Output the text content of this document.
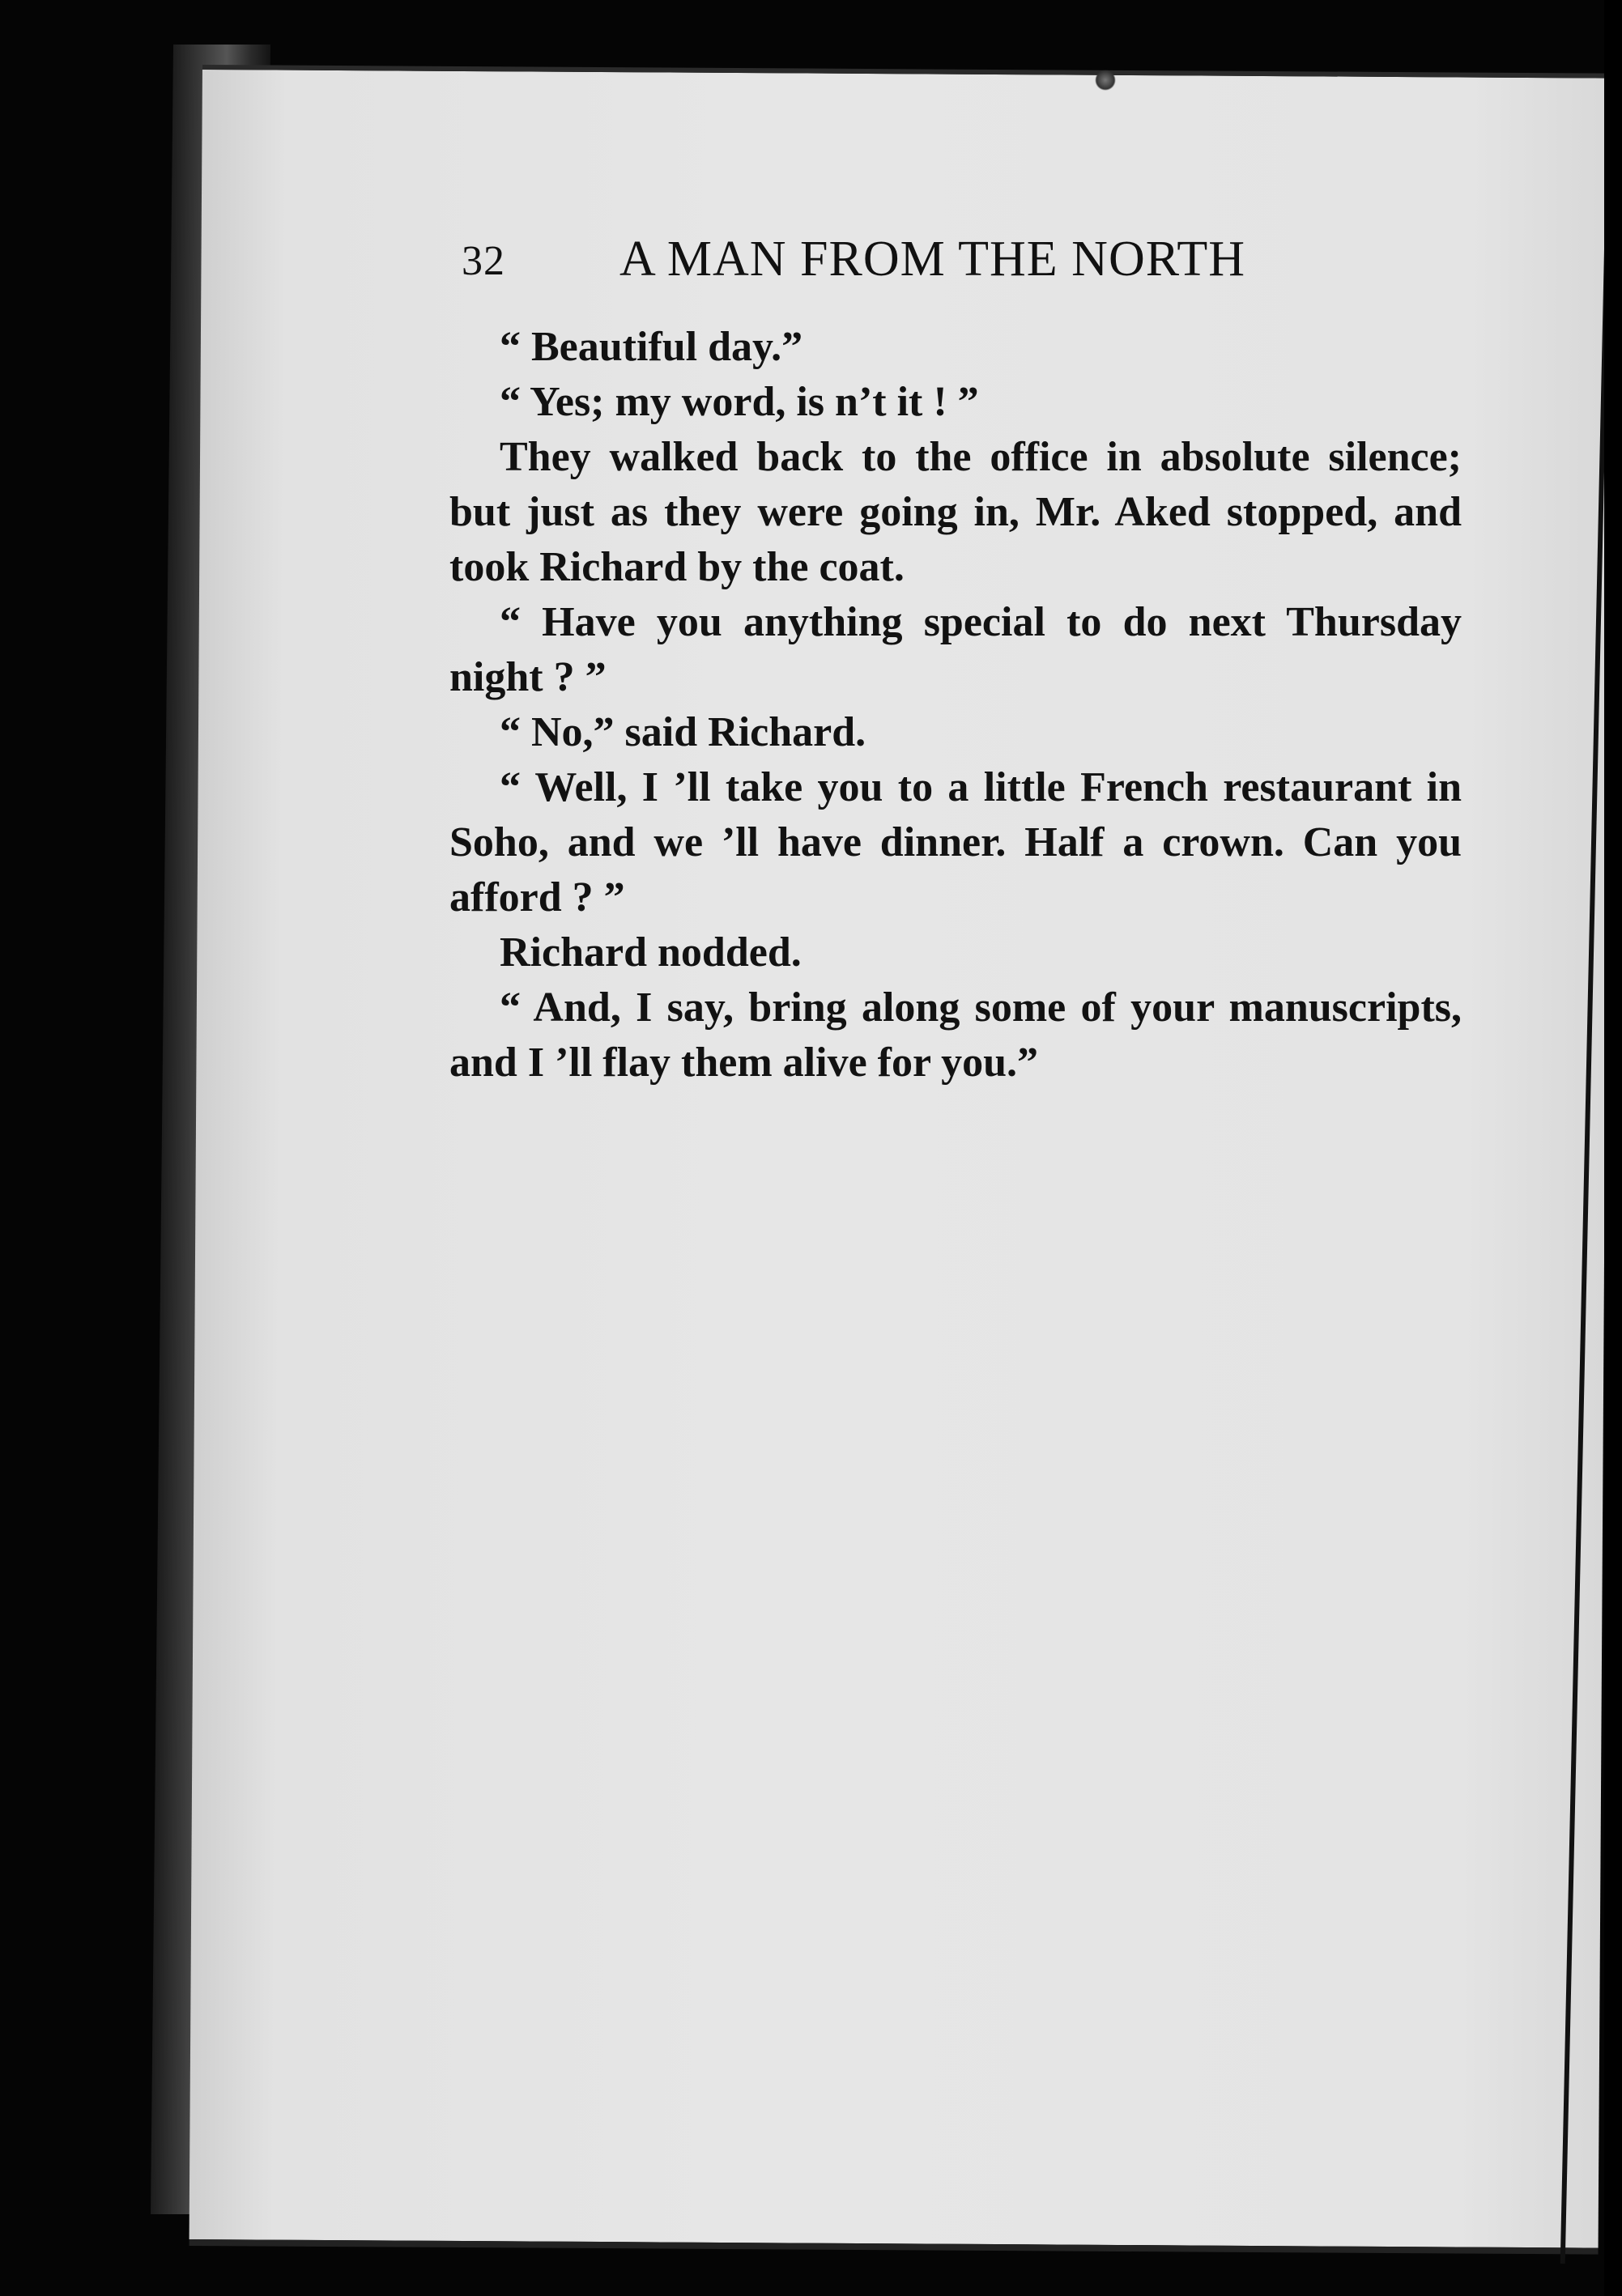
32 A MAN FROM THE NORTH

“ Beautiful day.”

“ Yes; my word, is n’t it ! ”

They walked back to the office in absolute silence; but just as they were going in, Mr. Aked stopped, and took Richard by the coat.

“ Have you anything special to do next Thursday night ? ”

“ No,” said Richard.

“ Well, I ’ll take you to a little French restaurant in Soho, and we ’ll have dinner. Half a crown. Can you afford ? ”

Richard nodded.

“ And, I say, bring along some of your manuscripts, and I ’ll flay them alive for you.”
